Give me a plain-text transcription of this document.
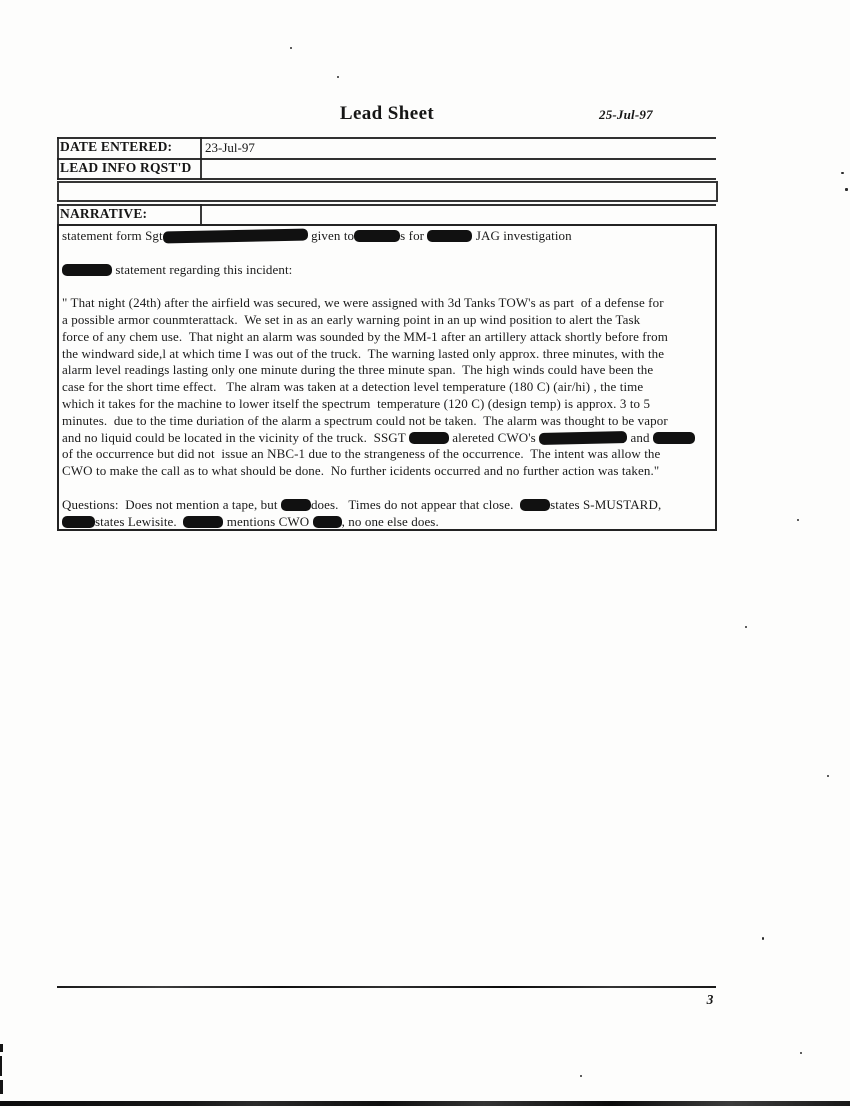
Lead Sheet	25-Jul-97
DATE ENTERED:	23-Jul-97
LEAD INFO RQST'D
NARRATIVE:
statement form Sgt	given to	s for	JAG investigation

statement regarding this incident:

" That night (24th) after the airfield was secured, we were assigned with 3d Tanks TOW's as part  of a defense for
a possible armor counmterattack.  We set in as an early warning point in an up wind position to alert the Task
force of any chem use.  That night an alarm was sounded by the MM-1 after an artillery attack shortly before from
the windward side,l at which time I was out of the truck.  The warning lasted only approx. three minutes, with the
alarm level readings lasting only one minute during the three minute span.  The high winds could have been the
case for the short time effect.   The alram was taken at a detection level temperature (180 C) (air/hi) , the time
which it takes for the machine to lower itself the spectrum  temperature (120 C) (design temp) is approx. 3 to 5
minutes.  due to the time duriation of the alarm a spectrum could not be taken.  The alarm was thought to be vapor
and no liquid could be located in the vicinity of the truck.  SSGT	alereted CWO's	and
of the occurrence but did not  issue an NBC-1 due to the strangeness of the occurrence.  The intent was allow the
CWO to make the call as to what should be done.  No further icidents occurred and no further action was taken."

Questions:  Does not mention a tape, but does.   Times do not appear that close.  states S-MUSTARD,
states Lewisite.	mentions CWO , no one else does.
3
